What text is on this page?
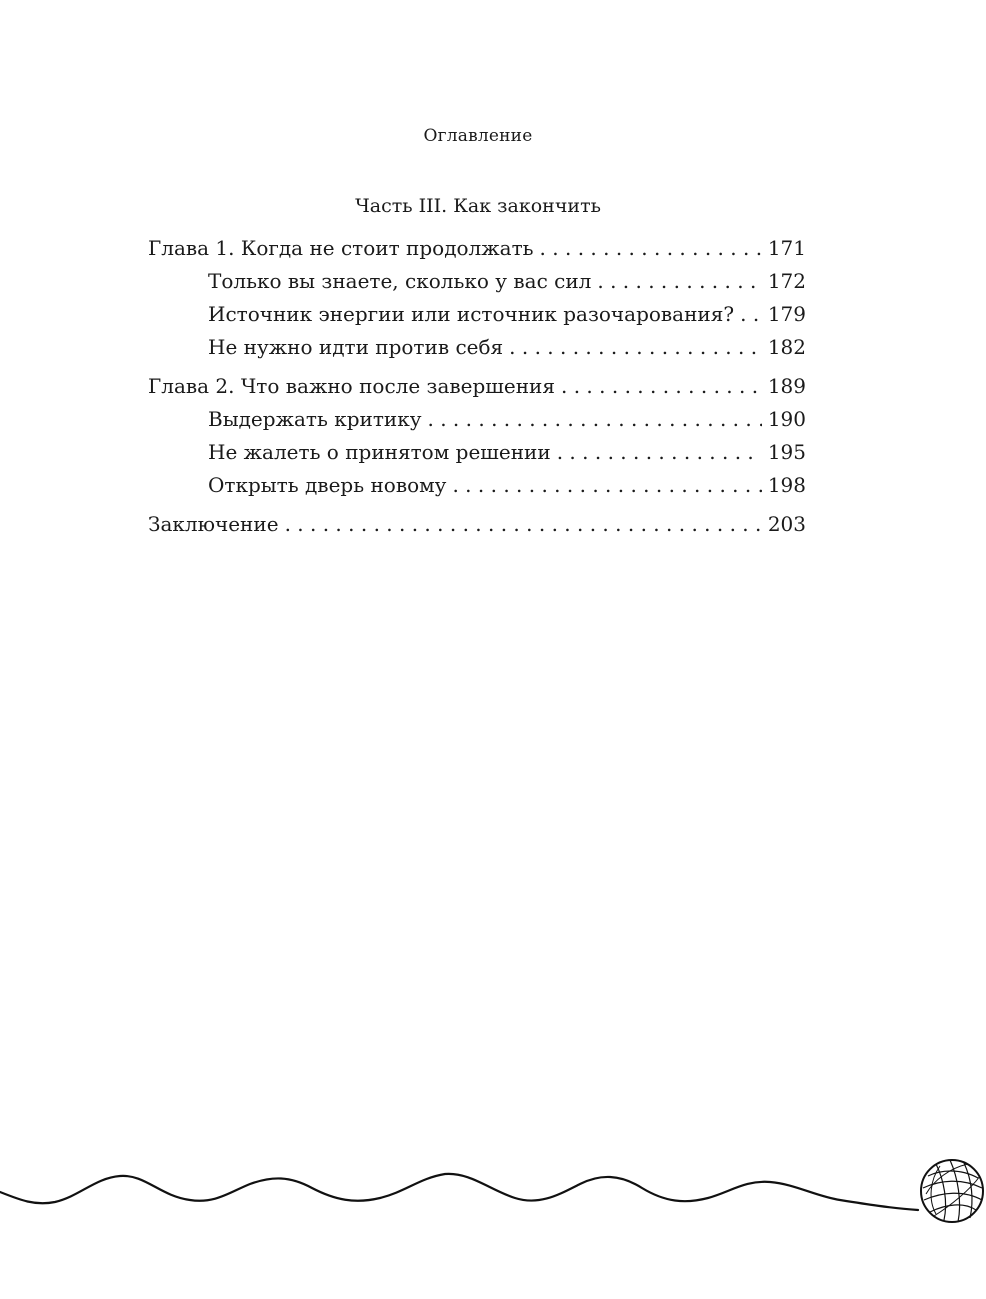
Оглавление
Часть III. Как закончить
Глава 1. Когда не стоит продолжать . . .	171
Только вы знаете, сколько у вас сил . . .	172
Источник энергии или источник разочарования? . . . 179
Не нужно идти против себя . . .	182
Глава 2. Что важно после завершения . . .	189
Выдержать критику . . .	190
Не жалеть о принятом решении . . .	195
Открыть дверь новому . . .	198
Заключение . . .	203
